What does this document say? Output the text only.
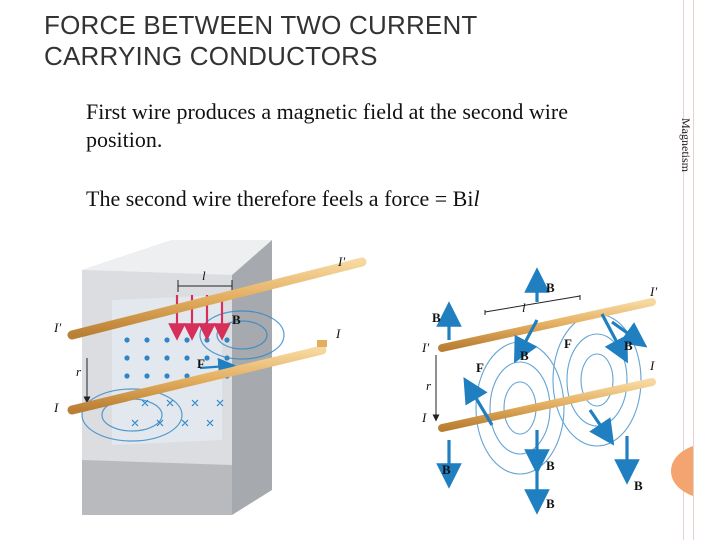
FORCE BETWEEN TWO CURRENT CARRYING CONDUCTORS
First wire produces a magnetic field at the second wire position.
The second wire therefore feels a force = Bil
Magnetism
I′
I′
I
I
l
r
B⃗
F⃗
l
r
I′
I′
I
I
B⃗
B⃗
B⃗
B⃗
B⃗	B⃗
B⃗
B⃗
F⃗
F⃗
